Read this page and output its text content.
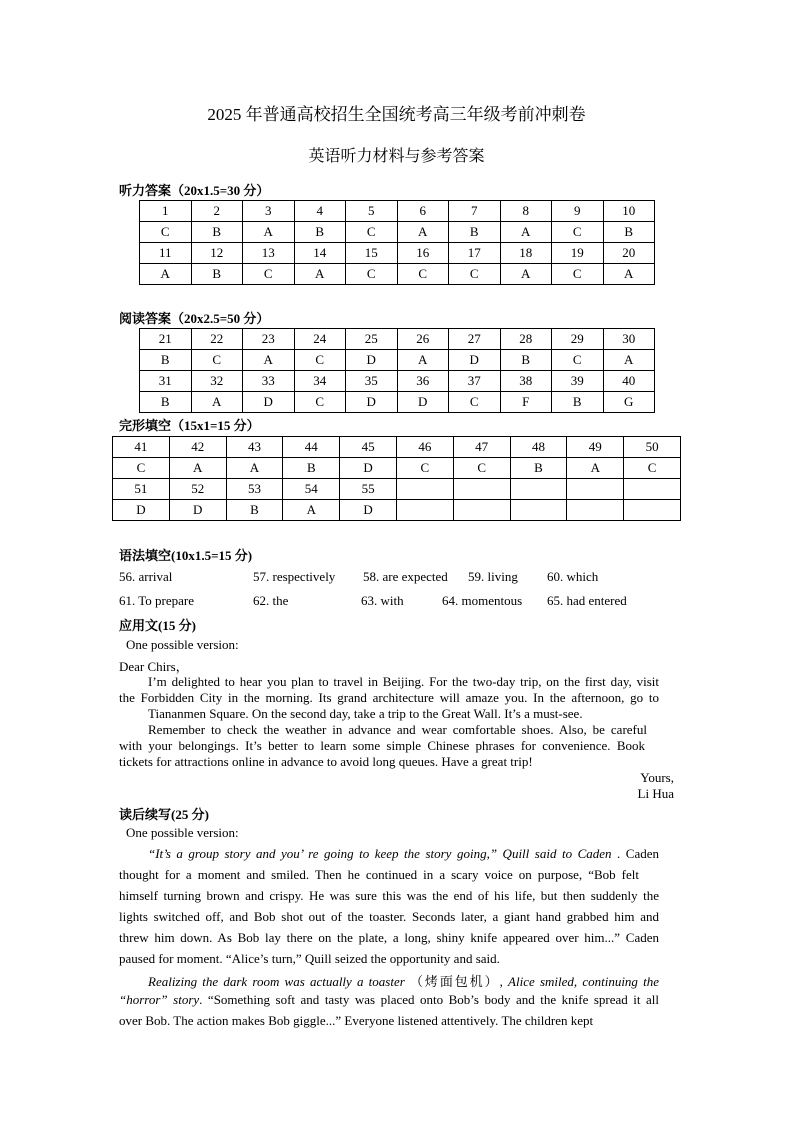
2025 年普通高校招生全国统考高三年级考前冲刺卷
英语听力材料与参考答案
听力答案（20x1.5=30 分）
1	2	3	4	5	6	7	8	9	10
C	B	A	B	C	A	B	A	C	B
11	12	13	14	15	16	17	18	19	20
A	B	C	A	C	C	C	A	C	A
阅读答案（20x2.5=50 分）
21	22	23	24	25	26	27	28	29	30
B	C	A	C	D	A	D	B	C	A
31	32	33	34	35	36	37	38	39	40
B	A	D	C	D	D	C	F	B	G
完形填空（15x1=15 分）
41	42	43	44	45	46	47	48	49	50
C	A	A	B	D	C	C	B	A	C
51	52	53	54	55					
D	D	B	A	D					
语法填空(10x1.5=15 分)
56. arrival	57. respectively 58. are expected 59. living 60. which
61. To prepare	62. the	63. with	64. momentous 65. had entered
应用文(15 分)
One possible version:
Dear Chirs，
I’m delighted to hear you plan to travel in Beijing. For the two-day trip, on the first day, visit
the Forbidden City in the morning. Its grand architecture will amaze you. In the afternoon, go to
Tiananmen Square. On the second day, take a trip to the Great Wall. It’s a must-see.
Remember to check the weather in advance and wear comfortable shoes. Also, be careful
with your belongings. It’s better to learn some simple Chinese phrases for convenience. Book
tickets for attractions online in advance to avoid long queues. Have a great trip!
Yours,
Li Hua
读后续写(25 分)
One possible version:
“It’s a group story and you’ re going to keep the story going,” Quill said to Caden . Caden
thought for a moment and smiled. Then he continued in a scary voice on purpose, “Bob felt
himself turning brown and crispy. He was sure this was the end of his life, but then suddenly the
lights switched off, and Bob shot out of the toaster. Seconds later, a giant hand grabbed him and
threw him down. As Bob lay there on the plate, a long, shiny knife appeared over him...” Caden
paused for moment. “Alice’s turn,” Quill seized the opportunity and said.
Realizing the dark room was actually a toaster （烤面包机）, Alice smiled, continuing the
“horror” story. “Something soft and tasty was placed onto Bob’s body and the knife spread it all
over Bob. The action makes Bob giggle...” Everyone listened attentively. The children kept
